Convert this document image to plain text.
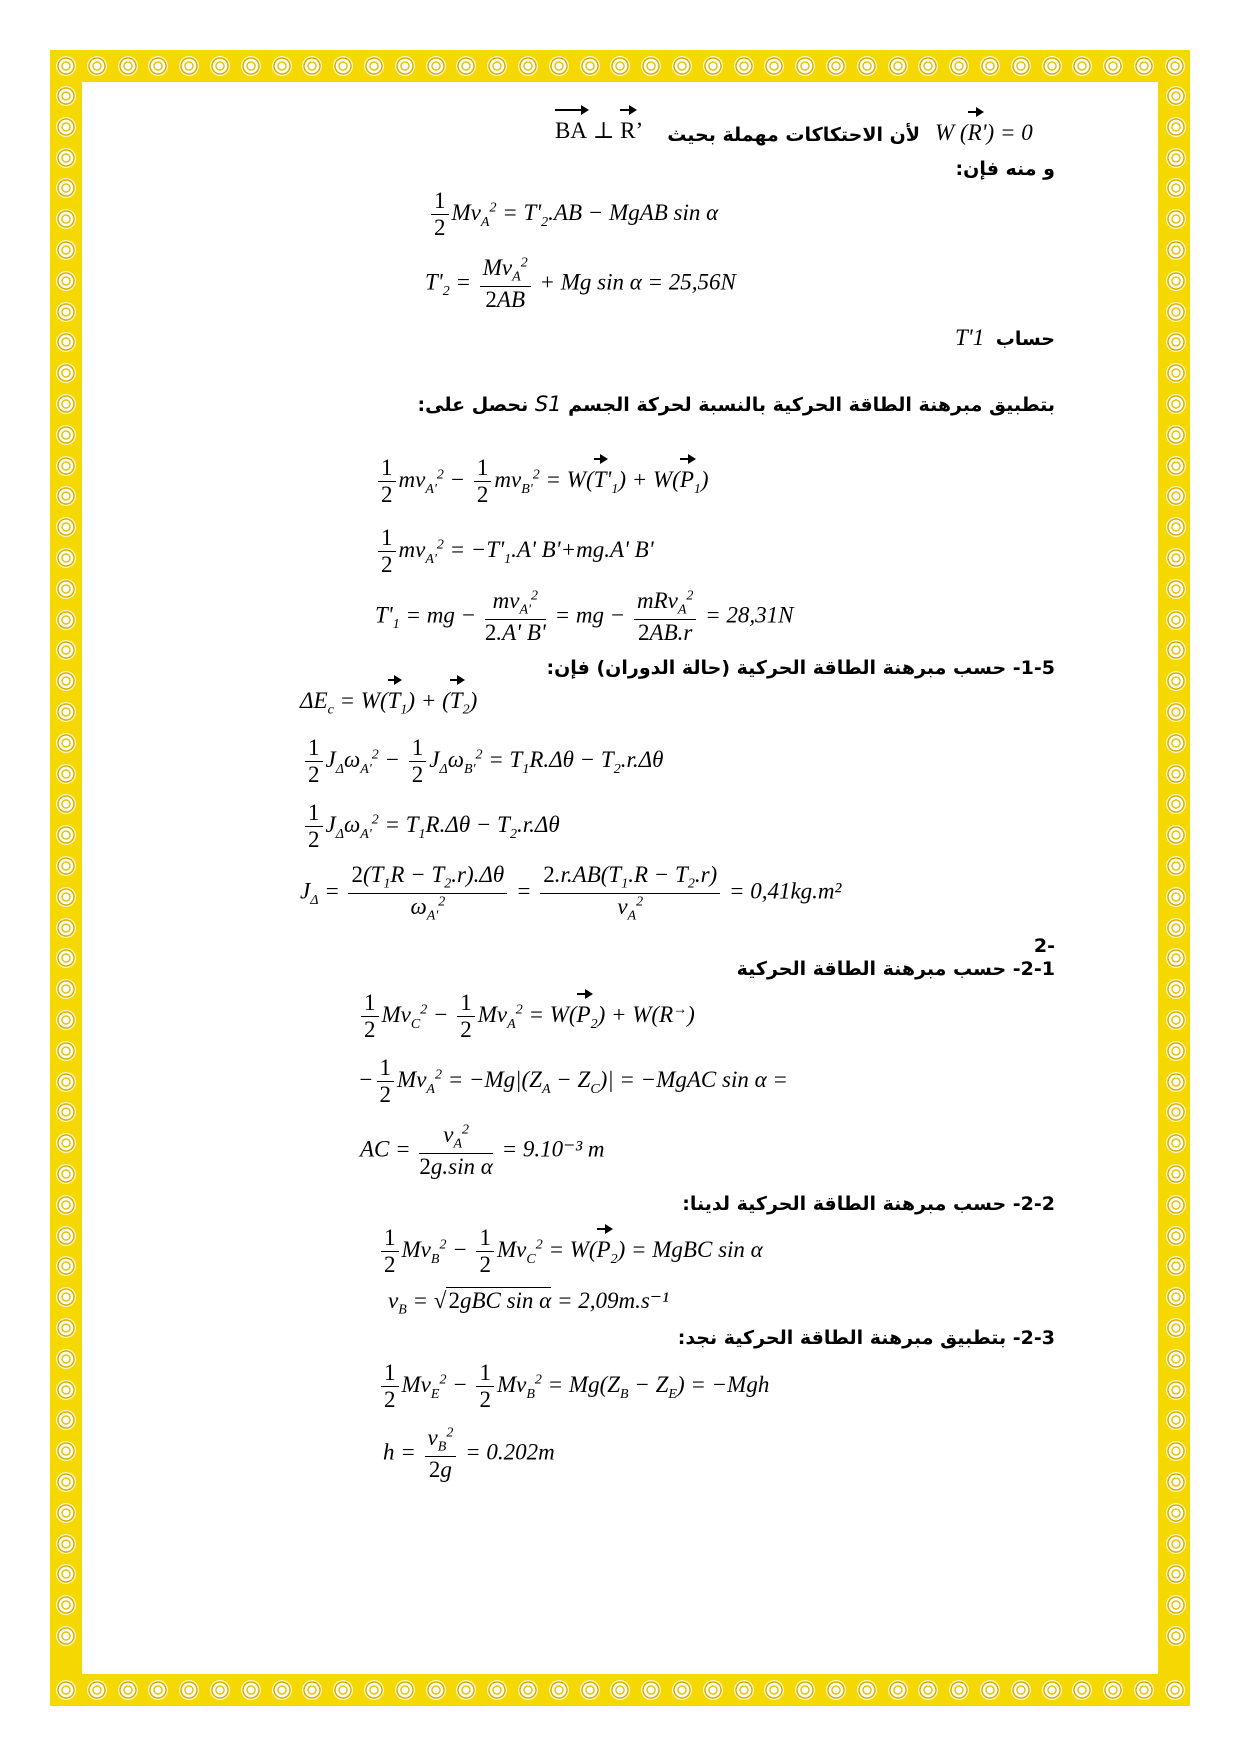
BA
⊥ R
’ لأن الاحتكاكات مهملة بحيث W (R
') = 0
و منه فإن:
$\frac{1}{2} Mv_A^2 = T'_2.AB$ − MgAB sin α
$T'_2$ =
$Mv_A^2$
2AB
+ Mg sin α = 25,56N
T'1 حساب
بتطبيق مبرهنة الطاقة الحركية بالنسبة لحركة الجسم S1 نحصل على:
$\frac{1}{2} mv_{A'}^2 - \frac{1}{2} mv_{B'}^2 = W(T$
'$_1) + W(P$
$_1$)
$\frac{1}{2} mv_{A'}^2 = -T'_1.A'$ B'+mg.A' B'
$T'_1$ = mg −
$mv_{A'}^2$
2.A' B'
= mg −
mRv$_A^2$
2AB.r
= 28,31N
1-5- حسب مبرهنة الطاقة الحركية (حالة الدوران) فإن:
$\Delta E_c = W(T$
$_1$) + (T
$_2$)
$\frac{1}{2} J_\Delta\omega_{A'}^2 - \frac{1}{2} J_\Delta\omega_{B'}^2 = T_1R.\Delta\theta - T_2.r.\Delta\theta$
$\frac{1}{2} J_\Delta\omega_{A'}^2 = T_1R.\Delta\theta - T_2.r.\Delta\theta$
$J_\Delta = \frac{2(T_1R - T_2.r).\Delta\theta}{\omega_{A'}^2} = \frac{2.r.AB(T_1.R - T_2.r)}{v_A^2} = 0,41kg.m^2$
-2
2-1- حسب مبرهنة الطاقة الحركية
$\frac{1}{2} Mv_C^2 - \frac{1}{2} Mv_A^2 = W(P$
$_2$) + W(R→)
− $\frac{1}{2} Mv_A^2 = -Mg|(Z_A - Z_C)|$ = −MgAC sin α =
AC = $\frac{v_A^2}{\text{2g.sin α}} = 9.10^{-3}$ m
2-2- حسب مبرهنة الطاقة الحركية لدينا:
$\frac{1}{2} Mv_B^2 - \frac{1}{2} Mv_C^2 = W(P$
$_2$) = MgBC sin α
$v_B = √2gBC$ sin α = 2,09m.s⁻¹
2-3- بتطبيق مبرهنة الطاقة الحركية نجد:
$\frac{1}{2} Mv_E^2 - \frac{1}{2} Mv_B^2 = Mg(Z_B - Z_E) = -Mgh$
$h = \frac{v_B^2}{2g} = 0.202m$
